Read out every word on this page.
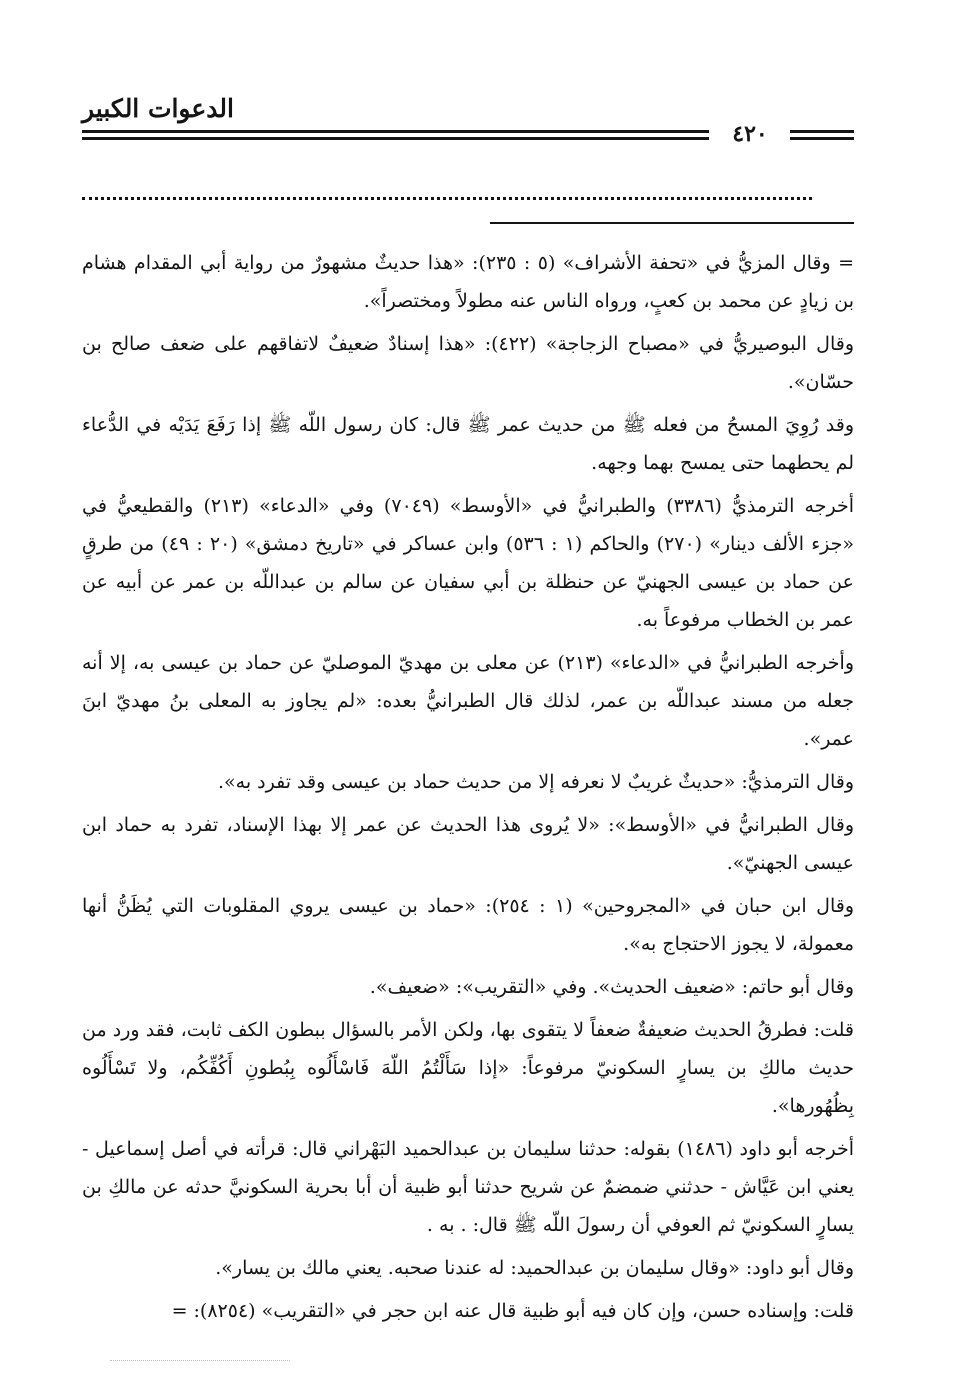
الدعوات الكبير
٤٢٠

= وقال المزيُّ في «تحفة الأشراف» (٥ : ٢٣٥): «هذا حديثٌ مشهورٌ من رواية أبي المقدام هشام بن زيادٍ عن محمد بن كعبٍ، ورواه الناس عنه مطولاً ومختصراً».

وقال البوصيريُّ في «مصباح الزجاجة» (٤٢٢): «هذا إسنادٌ ضعيفٌ لاتفاقهم على ضعف صالح بن حسّان».

وقد رُوِيَ المسحُ من فعله ﷺ من حديث عمر ﷺ قال: كان رسول اللّه ﷺ إذا رَفَعَ يَدَيْه في الدُّعاء لم يحطهما حتى يمسح بهما وجهه.

أخرجه الترمذيُّ (٣٣٨٦) والطبرانيُّ في «الأوسط» (٧٠٤٩) وفي «الدعاء» (٢١٣) والقطيعيُّ في «جزء الألف دينار» (٢٧٠) والحاكم (١ : ٥٣٦) وابن عساكر في «تاريخ دمشق» (٢٠ : ٤٩) من طرقٍ عن حماد بن عيسى الجهنيّ عن حنظلة بن أبي سفيان عن سالم بن عبداللّه بن عمر عن أبيه عن عمر بن الخطاب مرفوعاً به.

وأخرجه الطبرانيُّ في «الدعاء» (٢١٣) عن معلى بن مهديّ الموصليّ عن حماد بن عيسى به، إلا أنه جعله من مسند عبداللّه بن عمر، لذلك قال الطبرانيُّ بعده: «لم يجاوز به المعلى بنُ مهديّ ابنَ عمر».

وقال الترمذيُّ: «حديثٌ غريبٌ لا نعرفه إلا من حديث حماد بن عيسى وقد تفرد به».

وقال الطبرانيُّ في «الأوسط»: «لا يُروى هذا الحديث عن عمر إلا بهذا الإسناد، تفرد به حماد ابن عيسى الجهنيّ».

وقال ابن حبان في «المجروحين» (١ : ٢٥٤): «حماد بن عيسى يروي المقلوبات التي يُظَنُّ أنها معمولة، لا يجوز الاحتجاج به».

وقال أبو حاتم: «ضعيف الحديث». وفي «التقريب»: «ضعيف».

قلت: فطرقُ الحديث ضعيفةٌ ضعفاً لا يتقوى بها، ولكن الأمر بالسؤال ببطون الكف ثابت، فقد ورد من حديث مالكِ بن يسارٍ السكونيّ مرفوعاً: «إذا سَأَلْتُمُ اللّهَ فَاسْأَلُوه بِبُطونِ أَكُفِّكُم، ولا تَسْأَلُوه بِظُهُورها».

أخرجه أبو داود (١٤٨٦) بقوله: حدثنا سليمان بن عبدالحميد البَهْراني قال: قرأته في أصل إسماعيل - يعني ابن عَيَّاش - حدثني ضمضمٌ عن شريح حدثنا أبو ظبية أن أبا بحرية السكونيَّ حدثه عن مالكِ بن يسارٍ السكونيّ ثم العوفي أن رسولَ اللّه ﷺ قال: . به .

وقال أبو داود: «وقال سليمان بن عبدالحميد: له عندنا صحبه. يعني مالك بن يسار».

قلت: وإسناده حسن، وإن كان فيه أبو ظبية قال عنه ابن حجر في «التقريب» (٨٢٥٤): =
